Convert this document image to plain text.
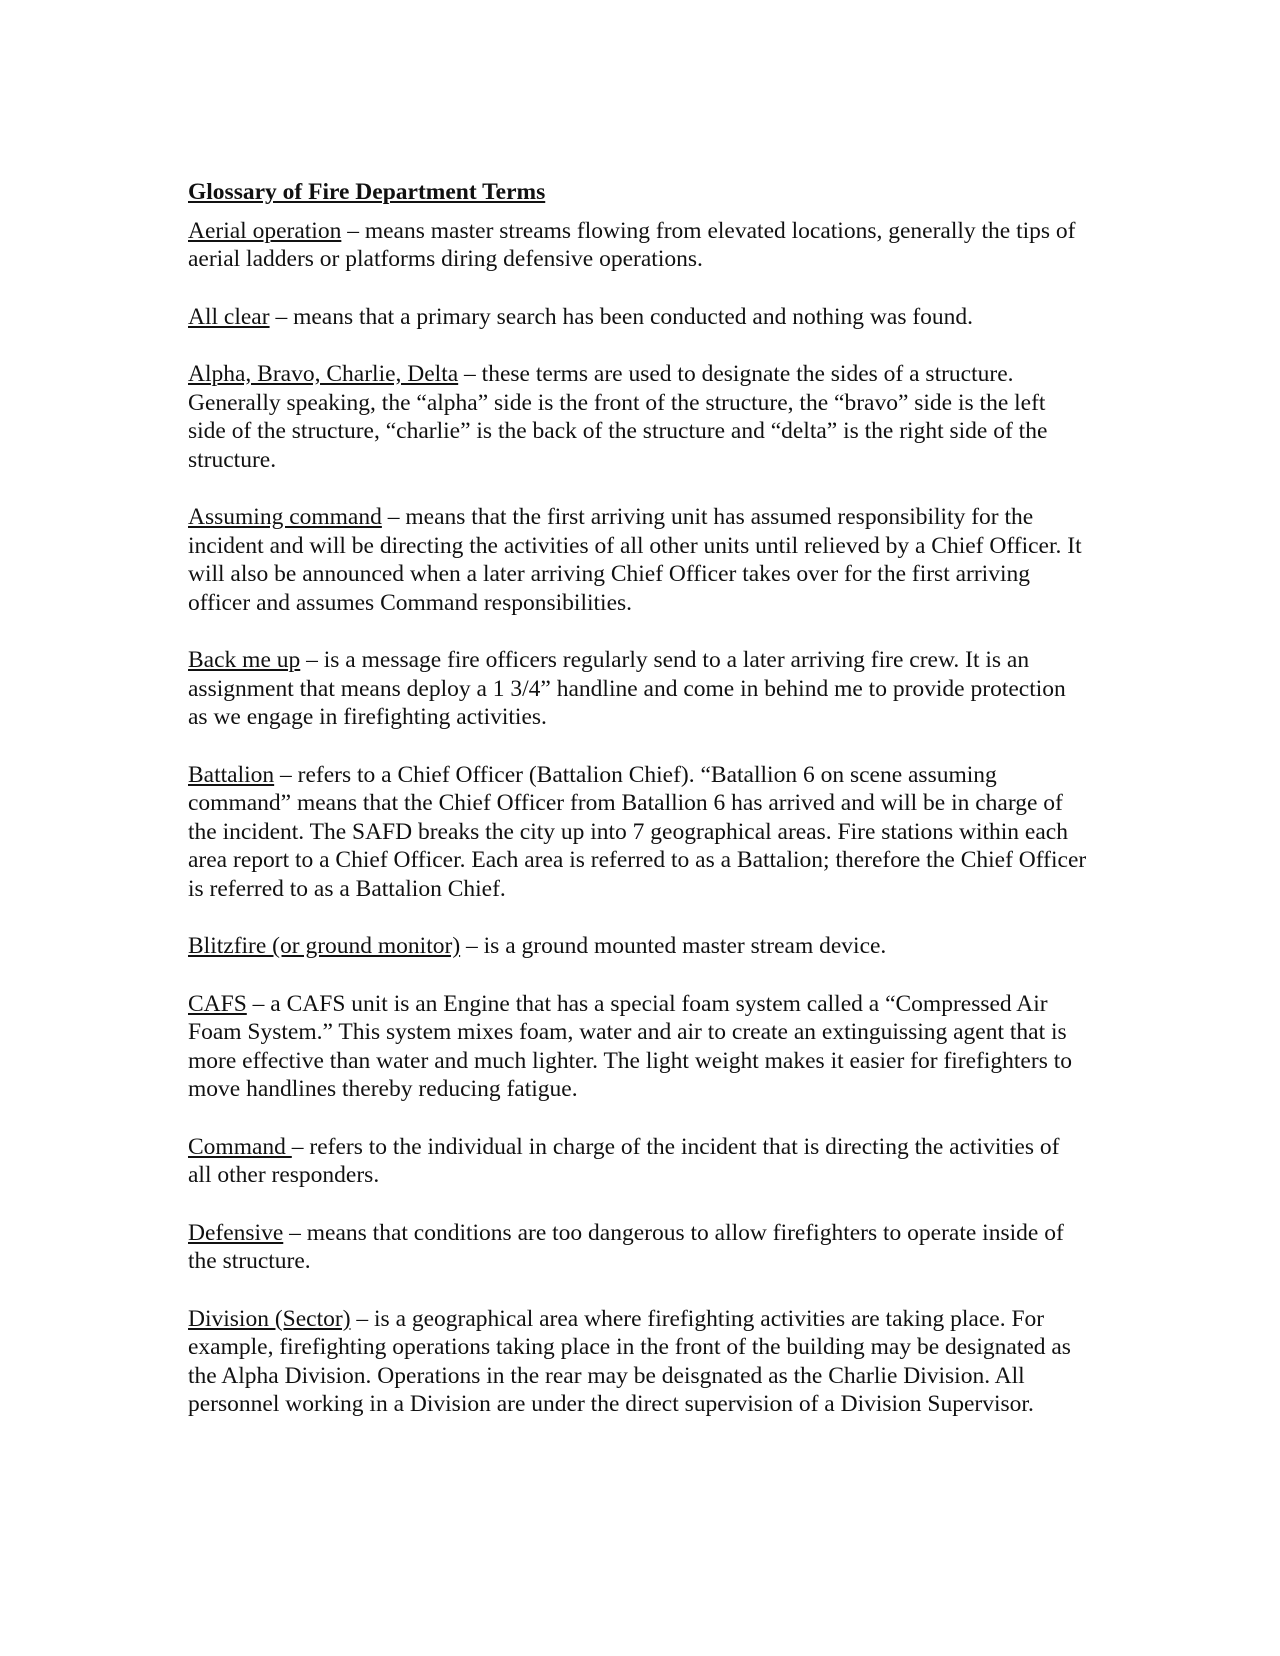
Glossary of Fire Department Terms
Aerial operation – means master streams flowing from elevated locations, generally the tips of aerial ladders or platforms diring defensive operations.
All clear – means that a primary search has been conducted and nothing was found.
Alpha, Bravo, Charlie, Delta – these terms are used to designate the sides of a structure. Generally speaking, the “alpha” side is the front of the structure, the “bravo” side is the left side of the structure, “charlie” is the back of the structure and “delta” is the right side of the structure.
Assuming command – means that the first arriving unit has assumed responsibility for the incident and will be directing the activities of all other units until relieved by a Chief Officer. It will also be announced when a later arriving Chief Officer takes over for the first arriving officer and assumes Command responsibilities.
Back me up – is a message fire officers regularly send to a later arriving fire crew. It is an assignment that means deploy a 1 3/4” handline and come in behind me to provide protection as we engage in firefighting activities.
Battalion – refers to a Chief Officer (Battalion Chief). “Batallion 6 on scene assuming command” means that the Chief Officer from Batallion 6 has arrived and will be in charge of the incident. The SAFD breaks the city up into 7 geographical areas. Fire stations within each area report to a Chief Officer. Each area is referred to as a Battalion; therefore the Chief Officer is referred to as a Battalion Chief.
Blitzfire (or ground monitor) – is a ground mounted master stream device.
CAFS – a CAFS unit is an Engine that has a special foam system called a “Compressed Air Foam System.” This system mixes foam, water and air to create an extinguissing agent that is more effective than water and much lighter. The light weight makes it easier for firefighters to move handlines thereby reducing fatigue.
Command – refers to the individual in charge of the incident that is directing the activities of all other responders.
Defensive – means that conditions are too dangerous to allow firefighters to operate inside of the structure.
Division (Sector) – is a geographical area where firefighting activities are taking place. For example, firefighting operations taking place in the front of the building may be designated as the Alpha Division. Operations in the rear may be deisgnated as the Charlie Division. All personnel working in a Division are under the direct supervision of a Division Supervisor.
